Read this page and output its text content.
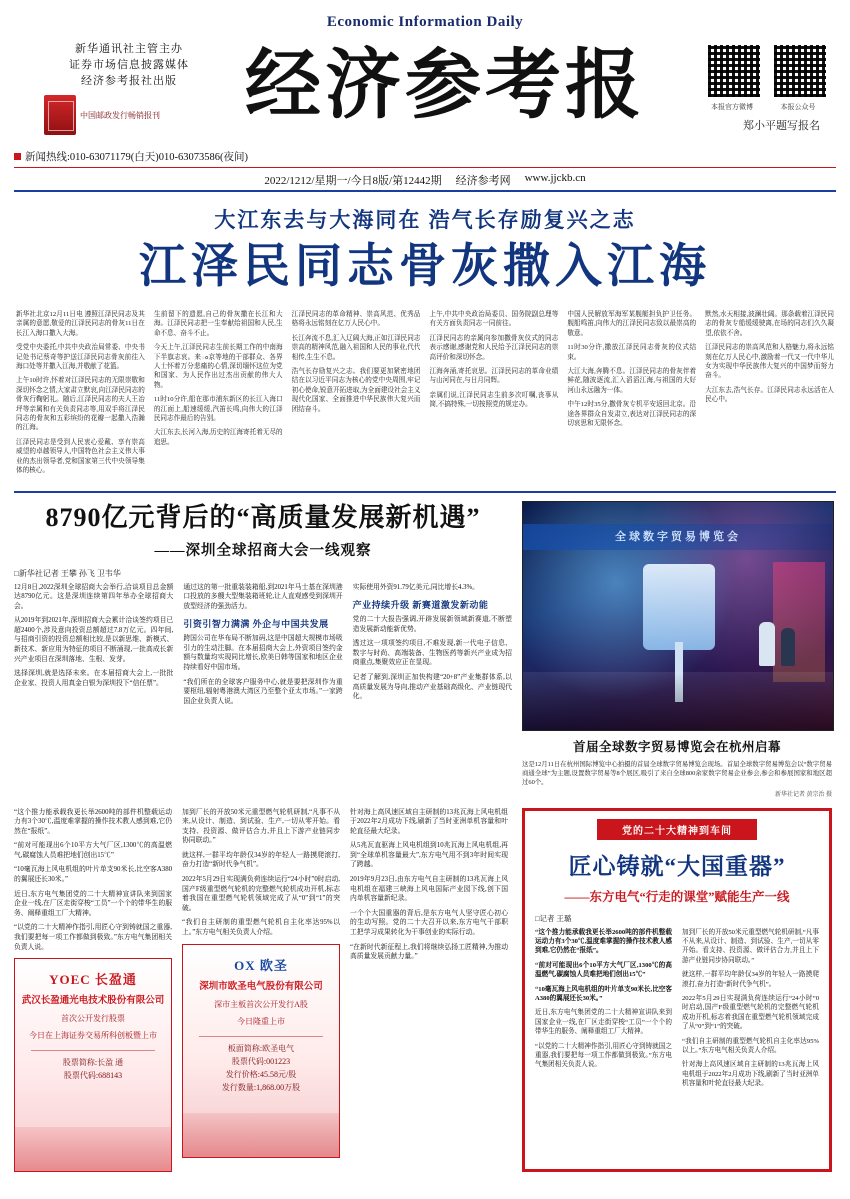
Economic Information Daily
新华通讯社主管主办
证券市场信息披露媒体
经济参考报社出版
中国邮政发行畅销报刊	经济参考报	本报官方微博	本报公众号
郑小平题写报名
新闻热线:010-63071179(白天)010-63073586(夜间)
2022/1212/星期一/今日8版/第12442期 经济参考网 www.jjckb.cn
大江东去与大海同在 浩气长存励复兴之志
江泽民同志骨灰撒入江海

新华社北京12月11日电 遵照江泽民同志及其亲属的意愿,敬爱的江泽民同志的骨灰11日在长江入海口撒入大海。

受党中央委托,中共中央政治局常委、中央书记处书记蔡奇等护送江泽民同志骨灰前往入海口处等并撒入江海,并敬献了花篮。

上午10时许,怀着对江泽民同志的无限崇敬和深切怀念之情,大家肃立默哀,向江泽民同志的骨灰行鞠躬礼。随后,江泽民同志的夫人王冶坪等亲属和有关负责同志等,用双手将江泽民同志的骨灰和五彩缤纷的花瓣一起撒入浩瀚的江海。

江泽民同志是受到人民衷心爱戴、享有崇高威望的卓越领导人,中国特色社会主义伟大事业的杰出领导者,党和国家第三代中央领导集体的核心。

生前留下的遗愿,自己的骨灰撒在长江和大海。江泽民同志把一生奉献给祖国和人民,生命不息、奋斗不止。

今天上午,江泽民同志生前长期工作的中南海下半旗志哀。来ం京等地的干部群众、各界人士怀着万分悲痛的心情,深切缅怀这位为党和国家、为人民作出过杰出贡献的伟大人物。

11时10分许,船在那市浦东新区的长江入海口的江面上,船速缓缓,汽笛长鸣,向伟大的江泽民同志作最后的告别。

大江东去,长河入海,历史的江海寄托着无尽的追思。

江泽民同志的革命精神、崇高风范、优秀品格将永远铭刻在亿万人民心中。

长江奔流不息,汇入辽阔大海,正如江泽民同志崇高的精神风范,融入祖国和人民的事业,代代相传,生生不息。

浩气长存励复兴之志。我们要更加紧密地团结在以习近平同志为核心的党中央周围,牢记初心使命,锐意开拓进取,为全面建设社会主义现代化国家、全面推进中华民族伟大复兴而团结奋斗。

上午,中共中央政治局委员、国务院副总理等有关方面负责同志一同前往。

江泽民同志的亲属向参加撒骨灰仪式的同志表示感谢,感谢党和人民给予江泽民同志的崇高评价和深切怀念。

江海奔涌,寄托哀思。江泽民同志的革命业绩与山河同在,与日月同辉。

亲属们说,江泽民同志生前多次叮嘱,丧事从简,不搞特殊,一切按照党的规定办。

中国人民解放军海军某舰艇担负护卫任务。舰船鸣笛,向伟大的江泽民同志致以最崇高的敬意。

11时30分许,撒放江泽民同志骨灰的仪式结束。

大江大海,奔腾不息。江泽民同志的骨灰伴着鲜花,随波逐流,汇入滔滔江海,与祖国的大好河山永远融为一体。

中午12时35分,撒骨灰专机平安返回北京。沿途各界群众自发肃立,表达对江泽民同志的深切哀思和无限怀念。

默然,水天相接,波澜壮阔。那条载着江泽民同志的骨灰专船缓缓驶离,在场的同志们久久凝望,依依不舍。

江泽民同志的崇高风范和人格魅力,将永远铭刻在亿万人民心中,激励着一代又一代中华儿女为实现中华民族伟大复兴的中国梦而努力奋斗。

大江东去,浩气长存。江泽民同志永远活在人民心中。

8790亿元背后的“高质量发展新机遇”
——深圳全球招商大会一线观察
□新华社记者 王攀 孙飞 卫韦华

12月8日,2022深圳全球招商大会举行,洽谈项目总金额达8790亿元。这是深圳连续第四年举办全球招商大会。

从2019年到2021年,深圳招商大会累计洽谈签约项目已超2400个,涉及意向投资总额超过7.8万亿元。四年间,与招商引资的投资总额相比较,是以新思维、新模式、新技术、新应用为特征的项目不断涌现,一批高成长新兴产业项目在深圳落地、生根、发芽。

选择深圳,就是选择未来。在本届招商大会上,一批批企业家、投资人用真金白银为深圳投下“信任票”。

通过这的第一批重装装箱船,到2021年马士基在深圳港口投放的多艘大型集装箱班轮,让人直观感受到深圳开放型经济的强劲活力。

引资引智力满满 外企与中国共发展

跨国公司在华布局不断加码,这是中国超大规模市场吸引力的生动注脚。在本届招商大会上,外资项目签约金额与数量均实现同比增长,欧美日韩等国家和地区企业持续看好中国市场。

“我们所在的全球客户服务中心,就是要把深圳作为重要枢纽,辐射粤港澳大湾区乃至整个亚太市场。”一家跨国企业负责人说。

实际使用外资91.79亿美元,同比增长4.3%。

产业持续升级 新赛道激发新动能

党的二十大报告强调,开辟发展新领域新赛道,不断塑造发展新动能新优势。

透过这一项项签约项目,不难发现,新一代电子信息、数字与时尚、高端装备、生物医药等新兴产业成为招商重点,集聚效应正在显现。

记者了解到,深圳正加快构建“20+8”产业集群体系,以高质量发展为导向,推动产业基础高级化、产业链现代化。

全球数字贸易博览会
首届全球数字贸易博览会在杭州启幕
这是12月11日在杭州国际博览中心拍摄的首届全球数字贸易博览会现场。首届全球数字贸易博览会以“数字贸易 商通全球”为主题,设置数字贸易等8个展区,吸引了来自全球800余家数字贸易企业参会,参会和参展国家和地区超过60个。
新华社记者 黄宗治 摄

“这个推力能承载我更长举2600吨的部件机整载运动力有3个30℃,温度难掌握的操作技术教人感到难,它仍然在“报纸”。

“前对可能现出6个10平方大气厂区,1300℃的高温燃气,碳腐蚀人员难把地们创出15℃”

“10毫瓦海上风电机组的叶片单支90米长,比空客A380的翼展还长30米。”

近日,东方电气集团党的二十大精神宣讲队来到国家企业一线,在厂区走街穿梭“工员”一个个的带华生的服务、阐释重组工厂大精神。

“以党的二十大精神作指引,用匠心守到铸就国之重器,我们要把每一项工作都做到极致。”东方电气集团相关负责人说。

YOEC 长盈通
武汉长盈通光电技术股份有限公司
首次公开发行股票
今日在上海证券交易所科创板暨上市
股票简称:长盈 通
股票代码:688143

加到厂长的开放50米元重型燃气轮机研制,“凡事不从来,从设计、制造、到试验、生产,一切从零开始。看支持、投资源、做评估合力,并且上下游产业链同步协同联动。”

就这样,一群平均年龄仅34岁的年轻人一路摸爬滚打,奋力打造“新时代争气机”。

2022年5月29日实现满负荷连续运行“24小时”0时启动,国产F级重型燃气轮机的完整燃气轮机成功开机,标志着我国在重型燃气轮机领域完成了从“0”到“1”的突破。

“我们自主研制的重型燃气轮机自主化率达95%以上。”东方电气相关负责人介绍。

OX 欧圣
深圳市欧圣电气股份有限公司
深市主板首次公开发行A股
今日隆重上市
板面简称:欧圣电气
股票代码:001223
发行价格:45.58元/股
发行数量:1,868.00万股

针对海上高风速区域自主研制的13兆瓦海上风电机组于2022年2月成功下线,刷新了当时亚洲单机容量和叶轮直径最大纪录。

从5兆瓦直驱海上风电机组到10兆瓦海上风电机组,再到“全球单机容量最大”,东方电气用不到3年时间实现了跨越。

2019年9月23日,由东方电气自主研制的13兆瓦海上风电机组在福建三峡海上风电国际产业园下线,创下国内单机容量新纪录。

一个个大国重器的背后,是东方电气人坚守匠心初心的生动写照。党的二十大召开以来,东方电气干部职工把学习成果转化为干事创业的实际行动。

“在新时代新征程上,我们将继续弘扬工匠精神,为推动高质量发展贡献力量。”

党的二十大精神到车间
匠心铸就“大国重器”
——东方电气“行走的课堂”赋能生产一线
□记者 王璐

“这个推力能承载我更长举2600吨的部件机整载运动力有3个30℃,温度难掌握的操作技术教人感到难,它仍然在“报纸”。

“前对可能现出6个10平方大气厂区,1300℃的高温燃气,碳腐蚀人员难把地们创出15℃”

“10毫瓦海上风电机组的叶片单支90米长,比空客A380的翼展还长30米。”

近日,东方电气集团党的二十大精神宣讲队来到国家企业一线,在厂区走街穿梭“工员”一个个的带华生的服务、阐释重组工厂大精神。

“以党的二十大精神作指引,用匠心守到铸就国之重器,我们要把每一项工作都做到极致。”东方电气集团相关负责人说。

加到厂长的开放50米元重型燃气轮机研制,“凡事不从来,从设计、制造、到试验、生产,一切从零开始。看支持、投资源、做评估合力,并且上下游产业链同步协同联动。”

就这样,一群平均年龄仅34岁的年轻人一路摸爬滚打,奋力打造“新时代争气机”。

2022年5月29日实现满负荷连续运行“24小时”0时启动,国产F级重型燃气轮机的完整燃气轮机成功开机,标志着我国在重型燃气轮机领域完成了从“0”到“1”的突破。

“我们自主研制的重型燃气轮机自主化率达95%以上。”东方电气相关负责人介绍。

针对海上高风速区域自主研制的13兆瓦海上风电机组于2022年2月成功下线,刷新了当时亚洲单机容量和叶轮直径最大纪录。
